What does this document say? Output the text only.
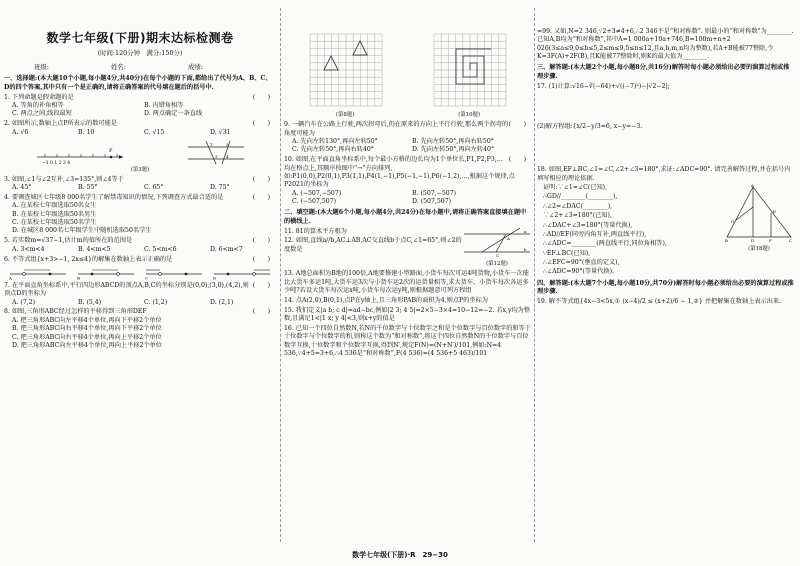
数学七年级(下册)期末达标检测卷
(时间:120分钟　满分:150分)
班级:	姓名:	成绩:
一、选择题:(本大题10个小题,每小题4分,共40分)在每个小题的下面,都给出了代号为A、B、C、D的四个答案,其中只有一个是正确的,请将正确答案的代号填在题后的括号中.
(　　)
1. 下列命题是假命题的是
A. 等角的补角相等	B. 内错角相等
C. 两点之间,线段最短	D. 两点确定一条直线
(　　)
2. 如图所示,数轴上点P所表示的数可能是
A. √6	B. 10	C. √15	D. √31
P
−1 0 1 2 3 4
1	2
3 4
(第3题)
(　　)
3. 如图,∠1与∠2互补,∠3=135°,则∠4等于
A. 45°	B. 55°	C. 65°	D. 75°
(　　)
4. 要调查城区七年级8 000名学生了解禁毒知识的情况,下列调查方式最合适的是
A. 在某校七年级选取50名女生
B. 在某校七年级选取50名男生
C. 在某校七年级选取50名学生
D. 在城区8 000名七年级学生中随机选取50名学生
(　　)
5. 若实数m=√37−1,估计m的值所在的范围是
A. 3<m<4	B. 4<m<5	C. 5<m<6	D. 6<m<7
(　　)
6. 不等式组{x+3>−1, 2x≤4}的解集在数轴上表示正确的是
A	B	C	D
(　　)
7. 在平面直角坐标系中,平行四边形ABCD的顶点A,B,C的坐标分别是(0,0),(3,0),(4,2),则顶点D的坐标为
A. (7,2)	B. (5,4)	C. (1,2)	D. (2,1)
(　　)
8. 如图,三角形ABC经过怎样的平移得到三角形DEF
A. 把三角形ABC向左平移4个单位,再向下平移2个单位
B. 把三角形ABC向右平移4个单位,再向下平移2个单位
C. 把三角形ABC向右平移4个单位,再向上平移2个单位
D. 把三角形ABC向左平移4个单位,再向上平移2个单位
(第8题)	(第10题)
(　　)
9. 一辆汽车在公路上行驶,两次拐弯后,仍在原来的方向上平行行驶,那么两个拐弯的角度可能为
A. 先向左转130°,再向左转50°	B. 先向左转50°,再向右转50°
C. 先向左转50°,再向右转40°	D. 先向左转50°,再向左转40°
(　　)
10. 如图,在平面直角坐标系中,每个最小方格的边长均为1个单位长,P1,P2,P3,…均在格点上,其顺序按图中“→”方向排列,如:P1(0,0),P2(0,1),P3(1,1),P4(1,−1),P5(−1,−1),P6(−1,2),…,根据这个规律,点P2021的坐标为
A. (−507,−507)	B. (507,−507)
C. (−507,507)	D. (507,507)
二、填空题:(本大题6个小题,每小题4分,共24分)在每小题中,请将正确答案直接填在题中的横线上.
11. 81的算术平方根为
12. 如图,直线a//b,AC⊥AB,AC交直线b于点C,∠1=65°,则∠2的度数是
a
b
A
C
(第12题)
13. A地总面积为B地的100倍,A地要修建小型路面,小货车每次可运4吨货物,小货车一次能比大货车多运1吨,大货车运3次与小货车运2次的运货量相等,求大货车、小货车每次各运多少吨?若设大货车每次运x吨,小货车每次运y吨,则根据题意可列方程组
14. 点A(2,0),B(0,1),点P在y轴上,且三角形PAB的面积为4,则点P的坐标为
15. 我们定义|a b; c d|=ad−bc,例如|2 3; 4 5|=2×5−3×4=10−12=−2. 若x,y均为整数,且满足1<|1 x; y 4|<3,则x+y的值是
16. 已知一个四位自然数N,若N的千位数字与十位数字之和是个位数字与百位数字的和等于十位数字与个位数字的和,则称这个数为“和对称数”,将这个四位自然数N的千位数字与百位数字互换,十位数字和个位数字互换,得到N′,规定F(N)=(N+N′)/101,例如:N=4 536,∵4+5=3+6,∴4 536是“和对称数”,F(4 536)=(4 536+5 463)/101
=99. 又如,N=2 346,∵2+3≠4+6,∴2 346不是“和对称数”. 则最小的“和对称数”为________. 已知A,B均为“和对称数”,其中A=1 000a+10a+746,B=100m+n+2 026(3≤a≤9,0≤b≤5,2≤m≤9,5≤n≤12,且a,b,m,n均为整数),若A+B能被77整除,令K=3F(A)+2F(B),且K能被77整除时,则K的最大值为________.
三、解答题:(本大题2个小题,每小题8分,共16分)解答时每小题必须给出必要的演算过程或推理步骤.
17. (1)计算:√16−∛(−64)+√((−7)²)−|√2−2|;
(2)解方程组:{x/2−y/3=6, x−y=−3.
18. 如图,EF⊥BC,∠1=∠C,∠2+∠3=180°,求证:∠ADC=90°. 请完善解答过程,并在括号内填写相应的理论依据.
证明:∵∠1=∠C(已知),
∴GD//________(________),
∴∠2=∠DAC(________),
∵∠2+∠3=180°(已知),
∴∠DAC+∠3=180°(等量代换),
∴AD//EF(同旁内角互补,两直线平行),
∴∠ADC=________(两直线平行,同位角相等),
∵EF⊥BC(已知),
∴∠EFC=90°(垂直的定义),
∴∠ADC=90°(等量代换).
A
B	D	F	C
E
G
(第18题)
四、解答题:(本大题7个小题,每小题10分,共70分)解答时每小题必须给出必要的演算过程或推理步骤.
19. 解不等式组{4x−3<5x,① (x−4)/2 ≤ (x+2)/6 − 1,②} 并把解集在数轴上表示出来.
数学七年级(下册)·R　29−30
